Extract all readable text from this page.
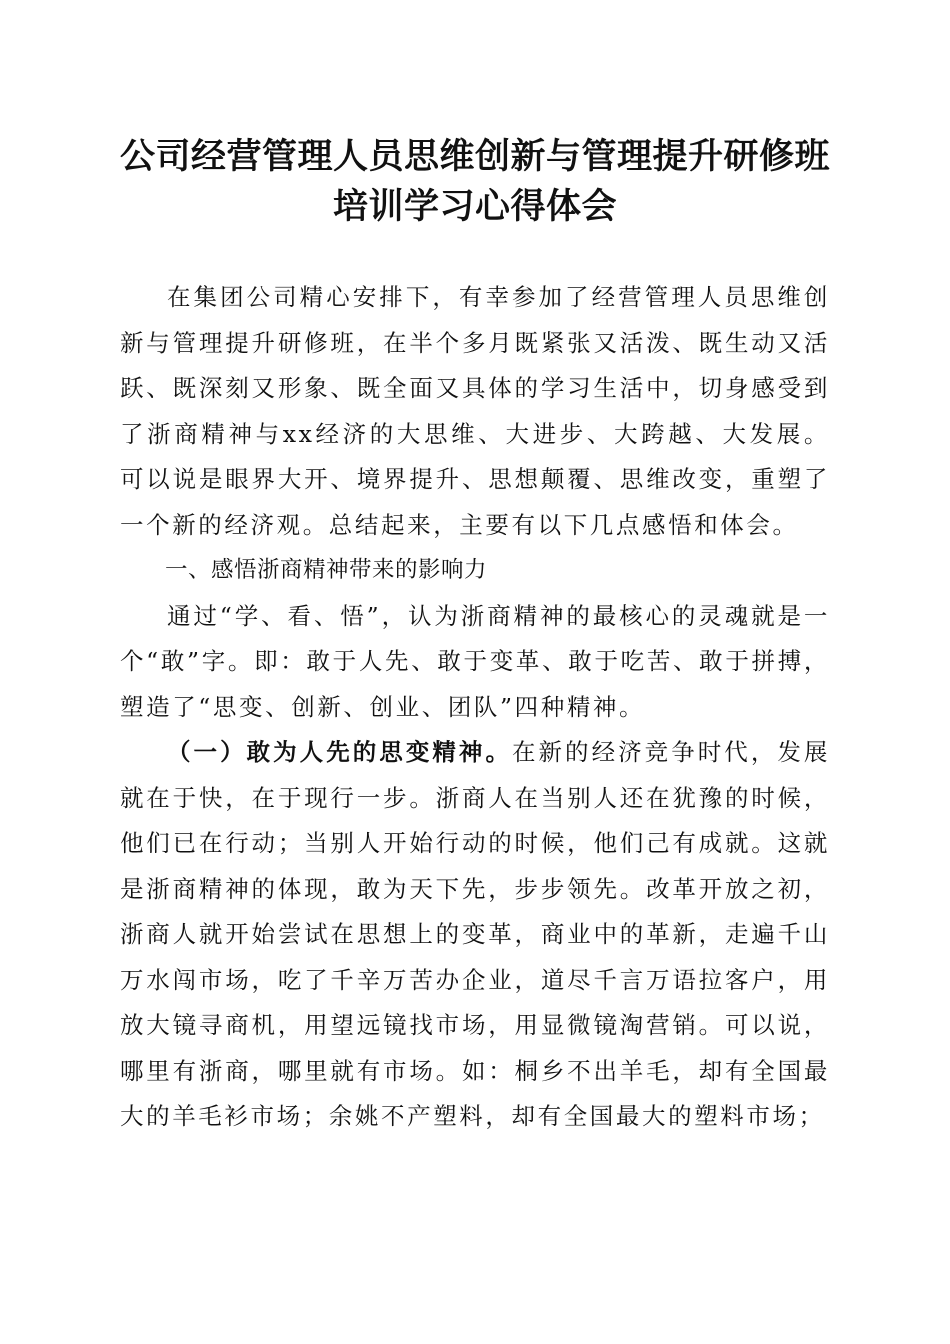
公司经营管理人员思维创新与管理提升研修班
培训学习心得体会

在集团公司精心安排下，有幸参加了经营管理人员思维创新与管理提升研修班，在半个多月既紧张又活泼、既生动又活跃、既深刻又形象、既全面又具体的学习生活中，切身感受到了浙商精神与xx经济的大思维、大进步、大跨越、大发展。可以说是眼界大开、境界提升、思想颠覆、思维改变，重塑了一个新的经济观。总结起来，主要有以下几点感悟和体会。

一、感悟浙商精神带来的影响力

通过“学、看、悟”，认为浙商精神的最核心的灵魂就是一个“敢”字。即：敢于人先、敢于变革、敢于吃苦、敢于拼搏，塑造了“思变、创新、创业、团队”四种精神。

（一）敢为人先的思变精神。在新的经济竞争时代，发展就在于快，在于现行一步。浙商人在当别人还在犹豫的时候，他们已在行动；当别人开始行动的时候，他们己有成就。这就是浙商精神的体现，敢为天下先，步步领先。改革开放之初，浙商人就开始尝试在思想上的变革，商业中的革新，走遍千山万水闯市场，吃了千辛万苦办企业，道尽千言万语拉客户，用放大镜寻商机，用望远镜找市场，用显微镜淘营销。可以说，哪里有浙商，哪里就有市场。如：桐乡不出羊毛，却有全国最大的羊毛衫市场；余姚不产塑料，却有全国最大的塑料市场；
